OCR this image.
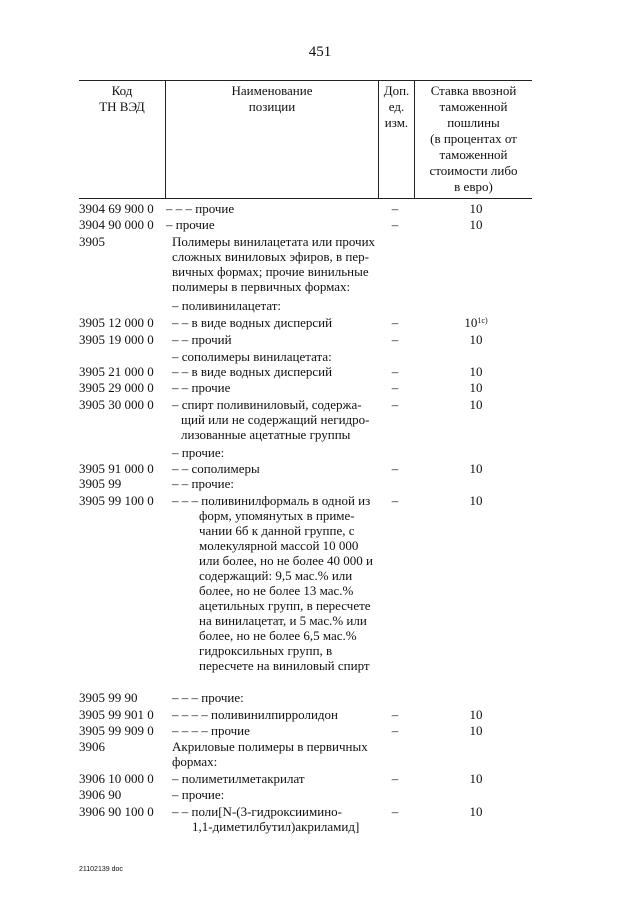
451
Код
ТН ВЭД
Наименование
позиции
Доп.
ед.
изм.
Ставка ввозной
таможенной
пошлины
(в процентах от
таможенной
стоимости либо
в евро)
3904 69 900 0 – – – прочие	–	10
3904 90 000 0 – прочие	–	10
3905	Полимеры винилацетата или прочих
сложных виниловых эфиров, в пер-
вичных формах; прочие винильные
полимеры в первичных формах:
– поливинилацетат:
3905 12 000 0	– – в виде водных дисперсий	–	$10^{1с)}$
3905 19 000 0	– – прочий	–	10
– сополимеры винилацетата:
3905 21 000 0	– – в виде водных дисперсий	–	10
3905 29 000 0	– – прочие	–	10
3905 30 000 0	– спирт поливиниловый, содержа-
щий или не содержащий негидро-
лизованные ацетатные группы
–	10
– прочие:
3905 91 000 0	– – сополимеры	–	10
3905 99	– – прочие:
3905 99 100 0	– – – поливинилформаль в одной из
форм, упомянутых в приме-
чании 6б к данной группе, с
молекулярной массой 10 000
или более, но не более 40 000 и
содержащий: 9,5 мас.% или
более, но не более 13 мас.%
ацетильных групп, в пересчете
на винилацетат, и 5 мас.% или
более, но не более 6,5 мас.%
гидроксильных групп, в
пересчете на виниловый спирт
–	10
3905 99 90	– – – прочие:
3905 99 901 0	– – – – поливинилпирролидон	–	10
3905 99 909 0	– – – – прочие	–	10
3906	Акриловые полимеры в первичных
формах:
3906 10 000 0	– полиметилметакрилат	–	10
3906 90	– прочие:
3906 90 100 0	– – поли[N-(3-гидроксиимино-
1,1-диметилбутил)акриламид]
–	10
21102139 doc
